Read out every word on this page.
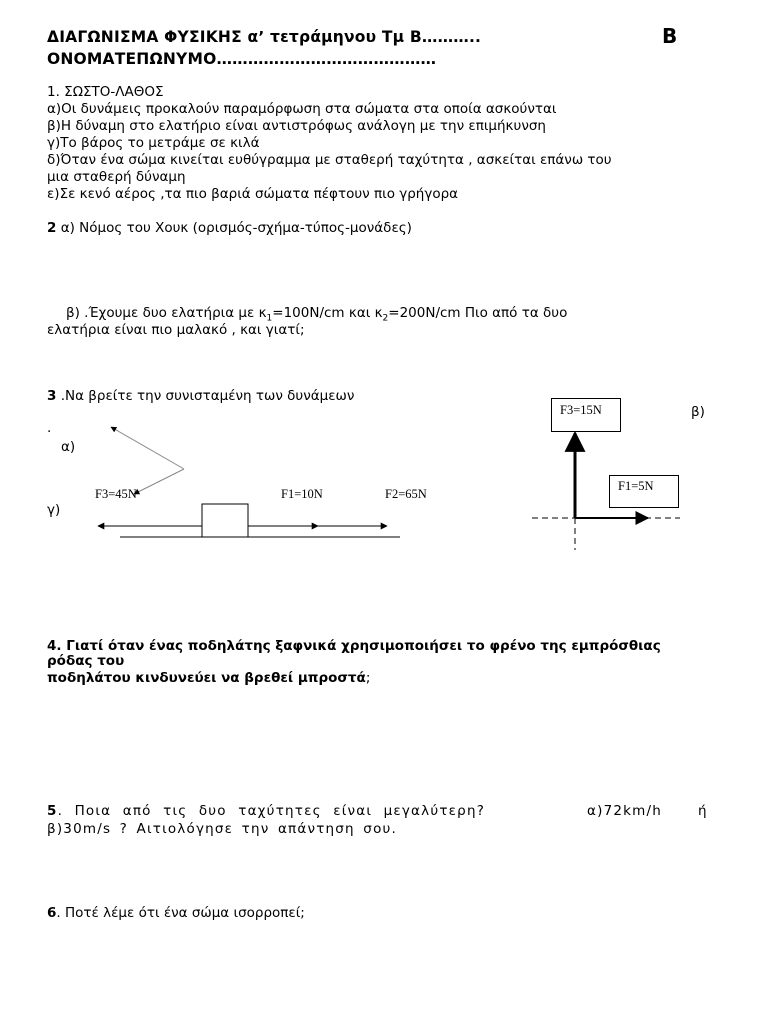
ΔΙΑΓΩΝΙΣΜΑ ΦΥΣΙΚΗΣ α’ τετράμηνου Τμ Β………..	Β
ΟΝΟΜΑΤΕΠΩΝΥΜΟ……………………………………
1. ΣΩΣΤΟ-ΛΑΘΟΣ
α)Οι δυνάμεις προκαλούν παραμόρφωση στα σώματα στα οποία ασκούνται
β)Η δύναμη στο ελατήριο είναι αντιστρόφως ανάλογη με την επιμήκυνση
γ)Το βάρος το μετράμε σε κιλά
δ)Όταν ένα σώμα κινείται ευθύγραμμα με σταθερή ταχύτητα , ασκείται επάνω του
μια σταθερή δύναμη
ε)Σε κενό αέρος ,τα πιο βαριά σώματα πέφτουν πιο γρήγορα
2 α) Νόμος του Χουκ (ορισμός-σχήμα-τύπος-μονάδες)
β) .Έχουμε δυο ελατήρια με $\kappa_1=100N/cm$ και $\kappa_2=200N/cm$ Πιο από τα δυο
ελατήρια είναι πιο μαλακό , και γιατί;
3 .Να βρείτε την συνισταμένη των δυνάμεων
.
α)
β)
γ)
F3=45N	F1=10N	F2=65N
F3=15N
F1=5N
4. Γιατί όταν ένας ποδηλάτης ξαφνικά χρησιμοποιήσει το φρένο της εμπρόσθιας
ρόδας του
ποδηλάτου κινδυνεύει να βρεθεί μπροστά;
5. Ποια από τις δυο ταχύτητες είναι μεγαλύτερη?	α)72km/h	ή
β)30m/s ? Αιτιολόγησε την απάντηση σου.
6. Ποτέ λέμε ότι ένα σώμα ισορροπεί;
